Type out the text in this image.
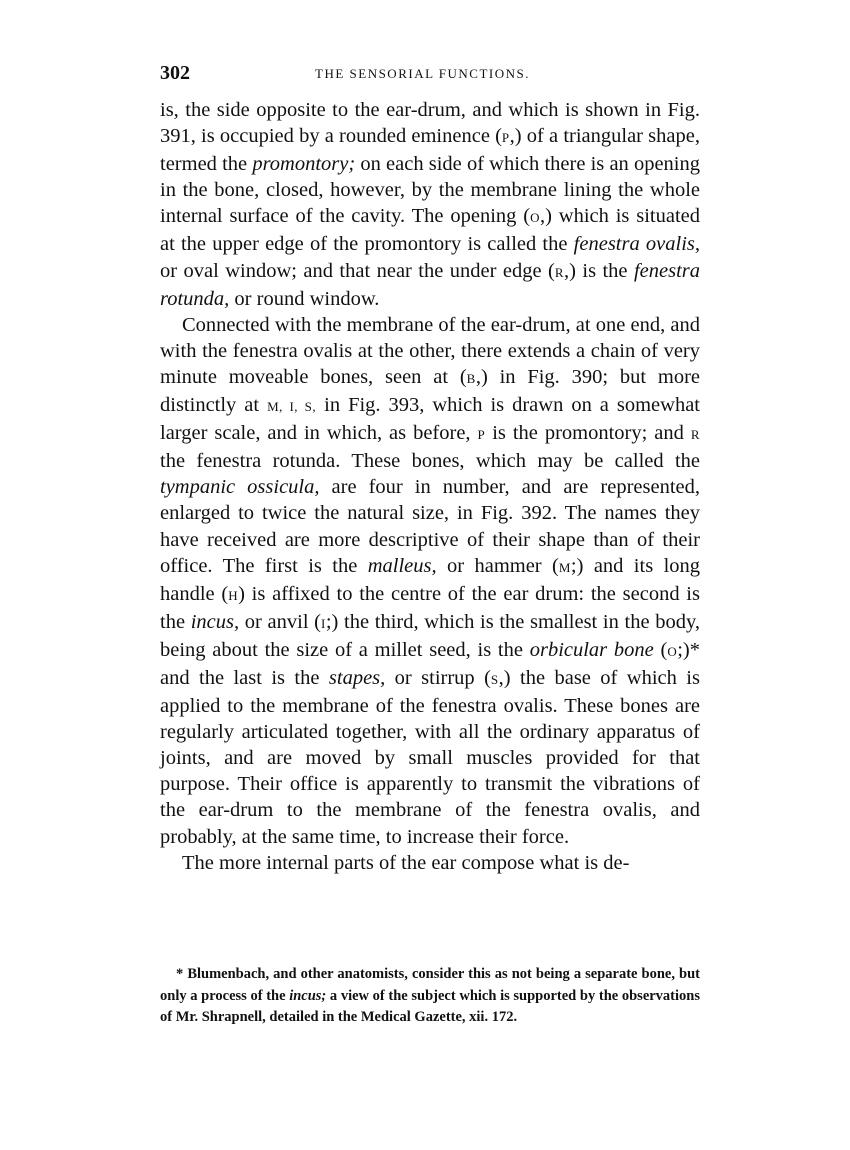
302	THE SENSORIAL FUNCTIONS.

is, the side opposite to the ear-drum, and which is shown in Fig. 391, is occupied by a rounded eminence (P,) of a triangular shape, termed the promontory; on each side of which there is an opening in the bone, closed, however, by the membrane lining the whole internal surface of the cavity. The opening (O,) which is situated at the upper edge of the promontory is called the fenestra ovalis, or oval window; and that near the under edge (R,) is the fenestra rotunda, or round window.

Connected with the membrane of the ear-drum, at one end, and with the fenestra ovalis at the other, there extends a chain of very minute moveable bones, seen at (B,) in Fig. 390; but more distinctly at M, I, S, in Fig. 393, which is drawn on a somewhat larger scale, and in which, as before, P is the promontory; and R the fenestra rotunda. These bones, which may be called the tympanic ossicula, are four in number, and are represented, enlarged to twice the natural size, in Fig. 392. The names they have received are more descriptive of their shape than of their office. The first is the malleus, or hammer (M;) and its long handle (H) is affixed to the centre of the ear drum: the second is the incus, or anvil (I;) the third, which is the smallest in the body, being about the size of a millet seed, is the orbicular bone (O;)* and the last is the stapes, or stirrup (S,) the base of which is applied to the membrane of the fenestra ovalis. These bones are regularly articulated together, with all the ordinary apparatus of joints, and are moved by small muscles provided for that purpose. Their office is apparently to transmit the vibrations of the ear-drum to the membrane of the fenestra ovalis, and probably, at the same time, to increase their force.

The more internal parts of the ear compose what is de-

* Blumenbach, and other anatomists, consider this as not being a separate bone, but only a process of the incus; a view of the subject which is supported by the observations of Mr. Shrapnell, detailed in the Medical Gazette, xii. 172.
